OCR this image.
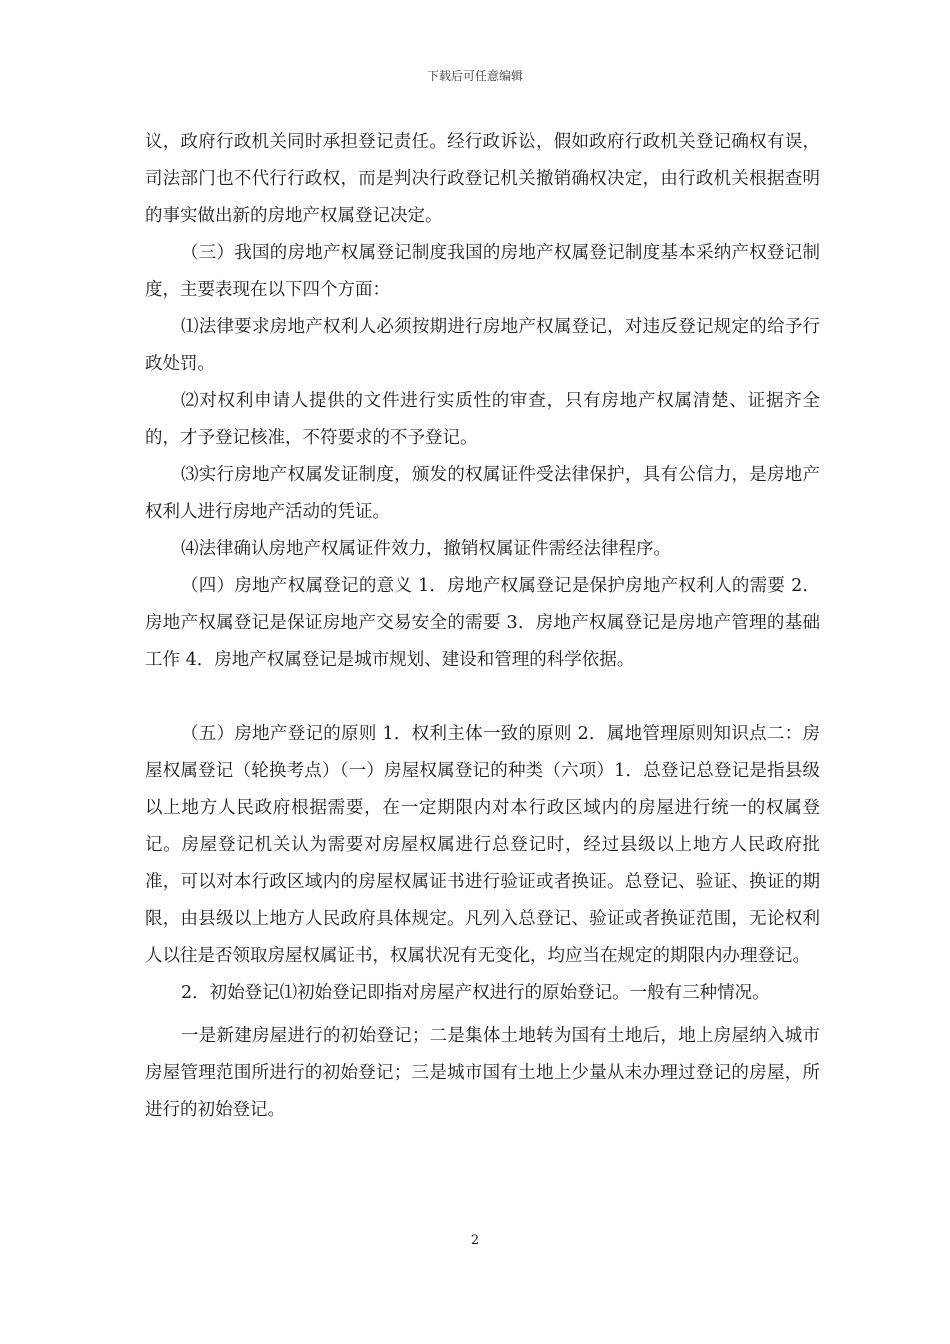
下载后可任意编辑

议，政府行政机关同时承担登记责任。经行政诉讼，假如政府行政机关登记确权有误，司法部门也不代行行政权，而是判决行政登记机关撤销确权决定，由行政机关根据查明的事实做出新的房地产权属登记决定。

（三）我国的房地产权属登记制度我国的房地产权属登记制度基本采纳产权登记制度，主要表现在以下四个方面：

⑴法律要求房地产权利人必须按期进行房地产权属登记，对违反登记规定的给予行政处罚。

⑵对权利申请人提供的文件进行实质性的审查，只有房地产权属清楚、证据齐全的，才予登记核准，不符要求的不予登记。

⑶实行房地产权属发证制度，颁发的权属证件受法律保护，具有公信力，是房地产权利人进行房地产活动的凭证。

⑷法律确认房地产权属证件效力，撤销权属证件需经法律程序。

（四）房地产权属登记的意义 1．房地产权属登记是保护房地产权利人的需要 2．房地产权属登记是保证房地产交易安全的需要 3．房地产权属登记是房地产管理的基础工作 4．房地产权属登记是城市规划、建设和管理的科学依据。

（五）房地产登记的原则 1．权利主体一致的原则 2．属地管理原则知识点二：房屋权属登记（轮换考点）（一）房屋权属登记的种类（六项）1．总登记总登记是指县级以上地方人民政府根据需要，在一定期限内对本行政区域内的房屋进行统一的权属登记。房屋登记机关认为需要对房屋权属进行总登记时，经过县级以上地方人民政府批准，可以对本行政区域内的房屋权属证书进行验证或者换证。总登记、验证、换证的期限，由县级以上地方人民政府具体规定。凡列入总登记、验证或者换证范围，无论权利人以往是否领取房屋权属证书，权属状况有无变化，均应当在规定的期限内办理登记。

2．初始登记⑴初始登记即指对房屋产权进行的原始登记。一般有三种情况。

一是新建房屋进行的初始登记；二是集体土地转为国有土地后，地上房屋纳入城市房屋管理范围所进行的初始登记；三是城市国有土地上少量从未办理过登记的房屋，所进行的初始登记。

2
